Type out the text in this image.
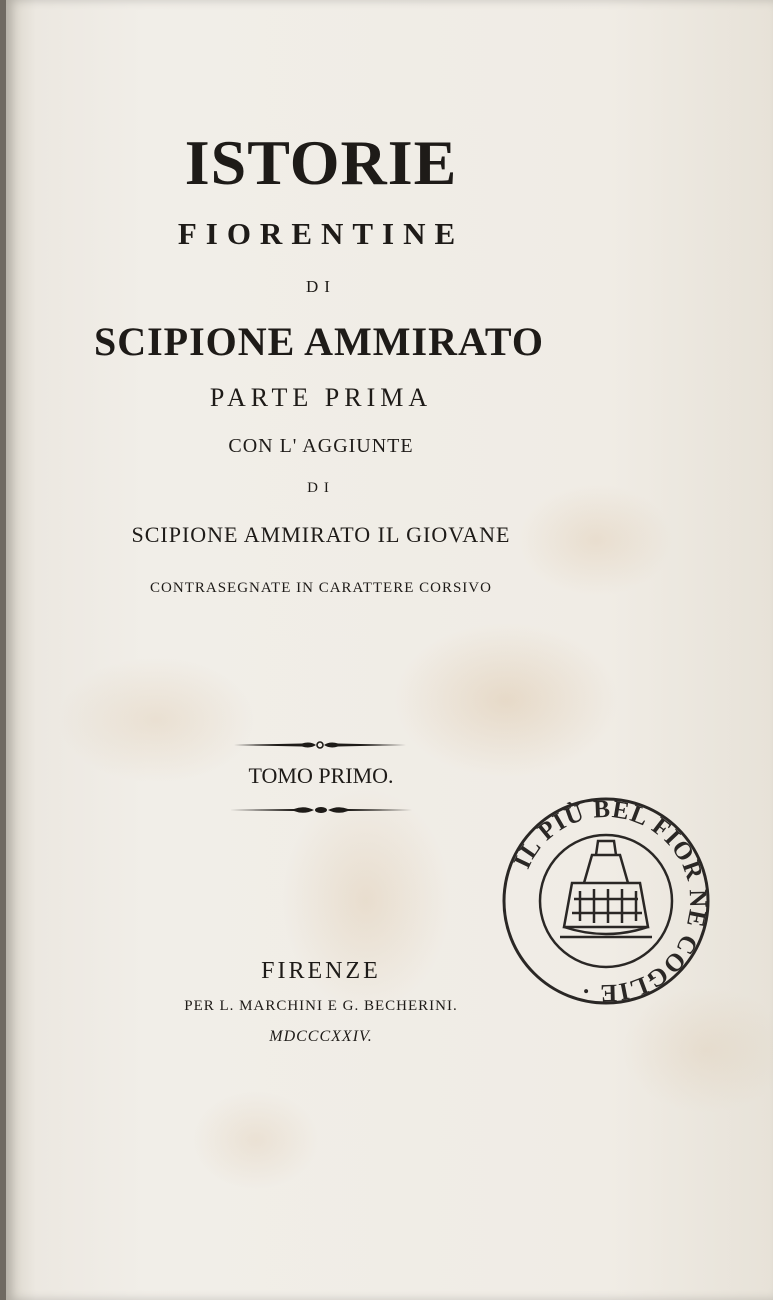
ISTORIE
FIORENTINE
DI
SCIPIONE AMMIRATO
PARTE PRIMA
CON L' AGGIUNTE
DI
SCIPIONE AMMIRATO IL GIOVANE
CONTRASEGNATE IN CARATTERE CORSIVO
TOMO PRIMO.
IL PIÙ BEL FIOR NE COGLIE ·
FIRENZE
PER L. MARCHINI E G. BECHERINI.
MDCCCXXIV.
